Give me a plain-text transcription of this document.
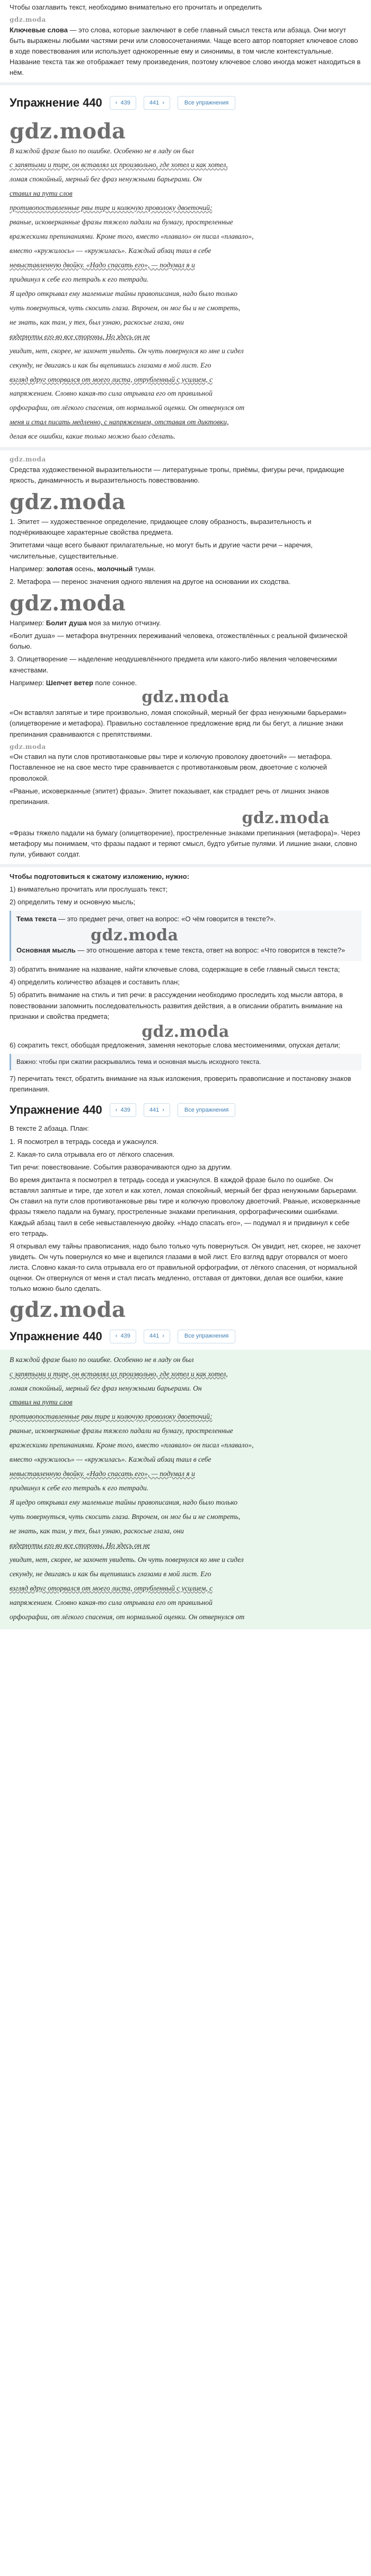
Чтобы озаглавить текст, необходимо внимательно его прочитать и определить

gdz.moda

Ключевые слова — это слова, которые заключают в себе главный смысл текста или абзаца. Они могут быть выражены любыми частями речи или словосочетаниями. Чаще всего автор повторяет ключевое слово в ходе повествования или использует однокоренные ему и синонимы, в том числе контекстуальные. Название текста так же отображает тему произведения, поэтому ключевое слово иногда может находиться в нём.

Упражнение 440 ‹ 439	441 ›	Все упражнения
gdz.moda

В каждой фразе было по ошибке. Особенно не в ладу он был

с запятыми и тире, он вставлял их произвольно, где хотел и как хотел,

ломая спокойный, мерный бег фраз ненужными барьерами. Он

ставил на пути слов

противопоставленные рвы тире и колючую проволоку двоеточий;

рваные, исковерканные фразы тяжело падали на бумагу, простреленные

вражескими препинаниями. Кроме того, вместо «плавало» он писал «плавало»,

вместо «кружилось» — «кружилась». Каждый абзац таил в себе

невыставленную двойку. «Надо спасать его», — подумал я и

придвинул к себе его тетрадь к его тетради.

Я щедро открывал ему маленькие тайны правописания, надо было только

чуть повернуться, чуть скосить глаза. Впрочем, он мог бы и не смотреть,

не знать, как там, у тех, был узнаю, раскосые глаза, они

вздернуты его во все стороны. Но здесь он не

увидит, нет, скорее, не захочет увидеть. Он чуть повернулся ко мне и сидел

секунду, не двигаясь и как бы вцепившись глазами в мой лист. Его

взгляд вдруг оторвался от моего листа, отрубленный с усилием, с

напряжением. Словно какая-то сила отрывала его от правильной

орфографии, от лёгкого спасения, от нормальной оценки. Он отвернулся от

меня и стал писать медленно, с напряжением, отставая от диктовки,

делая все ошибки, какие только можно было сделать.

gdz.moda

Средства художественной выразительности — литературные тропы, приёмы, фигуры речи, придающие яркость, динамичность и выразительность повествованию.

gdz.moda

1. Эпитет — художественное определение, придающее слову образность, выразительность и подчёркивающее характерные свойства предмета.

Эпитетами чаще всего бывают прилагательные, но могут быть и другие части речи – наречия, числительные, существительные.

Например: золотая осень, молочный туман.

2. Метафора — перенос значения одного явления на другое на основании их сходства.

gdz.moda

Например: Болит душа моя за милую отчизну.

«Болит душа» — метафора внутренних переживаний человека, отожествлённых с реальной физической болью.

3. Олицетворение — наделение неодушевлённого предмета или какого-либо явления человеческими качествами.

Например: Шепчет ветер поле сонное.

gdz.moda

«Он вставлял запятые и тире произвольно, ломая спокойный, мерный бег фраз ненужными барьерами» (олицетворение и метафора). Правильно составленное предложение вряд ли бы бегут, а лишние знаки препинания сравниваются с препятствиями.

gdz.moda

«Он ставил на пути слов противотанковые рвы тире и колючую проволоку двоеточий» — метафора. Поставленное не на свое место тире сравнивается с противотанковым рвом, двоеточие с колючей проволокой.

«Рваные, исковерканные (эпитет) фразы». Эпитет показывает, как страдает речь от лишних знаков препинания.

gdz.moda

«Фразы тяжело падали на бумагу (олицетворение), простреленные знаками препинания (метафора)». Через метафору мы понимаем, что фразы падают и теряют смысл, будто убитые пулями. И лишние знаки, словно пули, убивают солдат.

Чтобы подготовиться к сжатому изложению, нужно:

1) внимательно прочитать или прослушать текст;

2) определить тему и основную мысль;

Тема текста — это предмет речи, ответ на вопрос: «О чём говорится в тексте?».

gdz.moda

Основная мысль — это отношение автора к теме текста, ответ на вопрос: «Что говорится в тексте?»

3) обратить внимание на название, найти ключевые слова, содержащие в себе главный смысл текста;

4) определить количество абзацев и составить план;

5) обратить внимание на стиль и тип речи: в рассуждении необходимо проследить ход мысли автора, в повествовании запомнить последовательность развития действия, а в описании обратить внимание на признаки и свойства предмета;

gdz.moda

6) сократить текст, обобщая предложения, заменяя некоторые слова местоимениями, опуская детали;

Важно: чтобы при сжатии раскрывались тема и основная мысль исходного текста.

7) перечитать текст, обратить внимание на язык изложения, проверить правописание и постановку знаков препинания.

Упражнение 440 ‹ 439	441 ›	Все упражнения

В тексте 2 абзаца. План:

1. Я посмотрел в тетрадь соседа и ужаснулся.

2. Какая-то сила отрывала его от лёгкого спасения.

Тип речи: повествование. События разворачиваются одно за другим.

Во время диктанта я посмотрел в тетрадь соседа и ужаснулся. В каждой фразе было по ошибке. Он вставлял запятые и тире, где хотел и как хотел, ломая спокойный, мерный бег фраз ненужными барьерами. Он ставил на пути слов противотанковые рвы тире и колючую проволоку двоеточий. Рваные, исковерканные фразы тяжело падали на бумагу, простреленные знаками препинания, орфографическими ошибками. Каждый абзац таил в себе невыставленную двойку. «Надо спасать его», — подумал я и придвинул к себе его тетрадь.

Я открывал ему тайны правописания, надо было только чуть повернуться. Он увидит, нет, скорее, не захочет увидеть. Он чуть повернулся ко мне и вцепился глазами в мой лист. Его взгляд вдруг оторвался от моего листа. Словно какая-то сила отрывала его от правильной орфографии, от лёгкого спасения, от нормальной оценки. Он отвернулся от меня и стал писать медленно, отставая от диктовки, делая все ошибки, какие только можно было сделать.

gdz.moda
Упражнение 440 ‹ 439	441 ›	Все упражнения

В каждой фразе было по ошибке. Особенно не в ладу он был

с запятыми и тире, он вставлял их произвольно, где хотел и как хотел,

ломая спокойный, мерный бег фраз ненужными барьерами. Он

ставил на пути слов

противопоставленные рвы тире и колючую проволоку двоеточий;

рваные, исковерканные фразы тяжело падали на бумагу, простреленные

вражескими препинаниями. Кроме того, вместо «плавало» он писал «плавало»,

вместо «кружилось» — «кружилась». Каждый абзац таил в себе

невыставленную двойку. «Надо спасать его», — подумал я и

придвинул к себе его тетрадь к его тетради.

Я щедро открывал ему маленькие тайны правописания, надо было только

чуть повернуться, чуть скосить глаза. Впрочем, он мог бы и не смотреть,

не знать, как там, у тех, был узнаю, раскосые глаза, они

вздернуты его во все стороны. Но здесь он не

увидит, нет, скорее, не захочет увидеть. Он чуть повернулся ко мне и сидел

секунду, не двигаясь и как бы вцепившись глазами в мой лист. Его

взгляд вдруг оторвался от моего листа, отрубленный с усилием, с

напряжением. Словно какая-то сила отрывала его от правильной

орфографии, от лёгкого спасения, от нормальной оценки. Он отвернулся от
